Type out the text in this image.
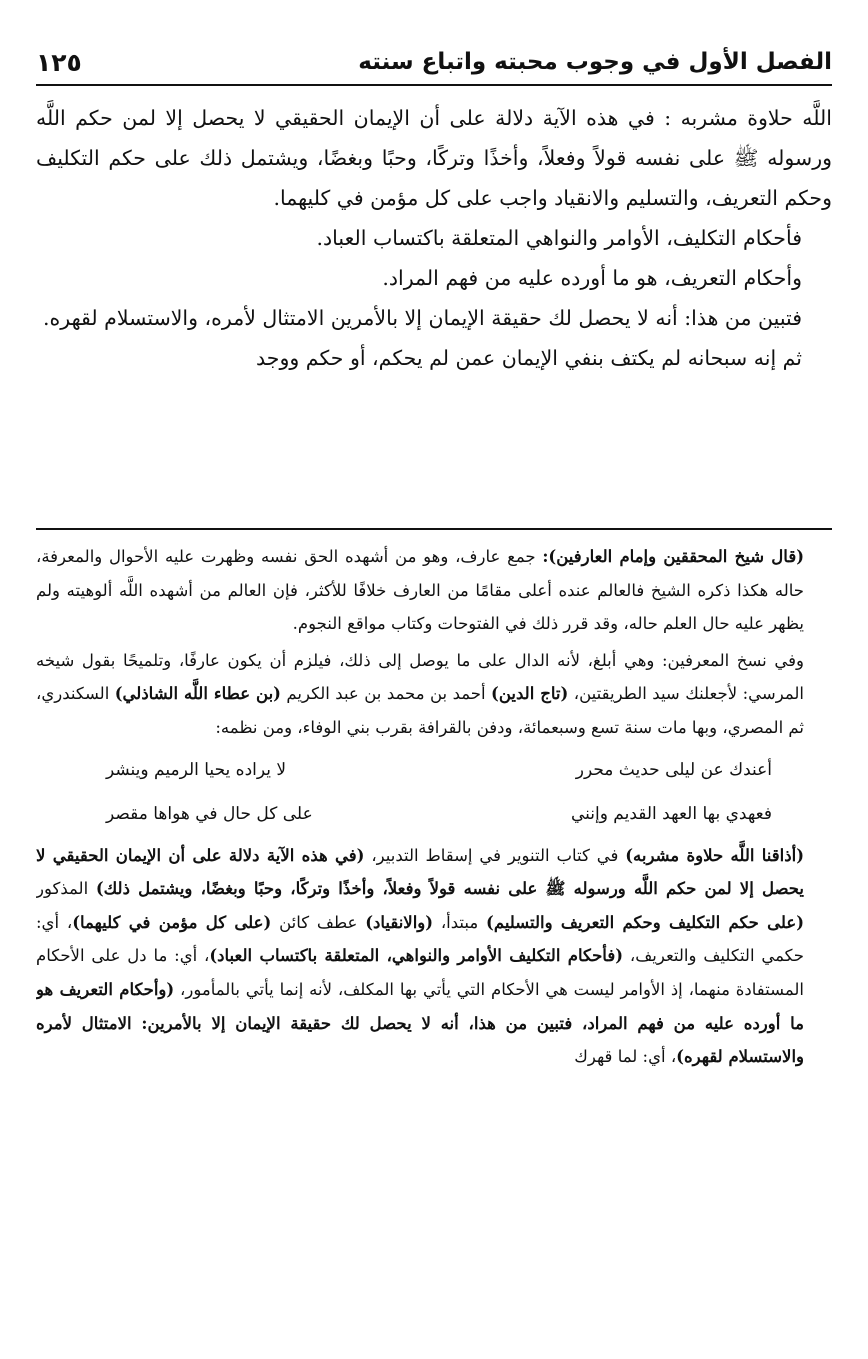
الفصل الأول في وجوب محبته واتباع سنته
١٢٥

اللَّه حلاوة مشربه : في هذه الآية دلالة على أن الإيمان الحقيقي لا يحصل إلا لمن حكم اللَّه ورسوله ﷺ على نفسه قولاً وفعلاً، وأخذًا وتركًا، وحبًا وبغضًا، ويشتمل ذلك على حكم التكليف وحكم التعريف، والتسليم والانقياد واجب على كل مؤمن في كليهما.

فأحكام التكليف، الأوامر والنواهي المتعلقة باكتساب العباد.

وأحكام التعريف، هو ما أورده عليه من فهم المراد.

فتبين من هذا: أنه لا يحصل لك حقيقة الإيمان إلا بالأمرين الامتثال لأمره، والاستسلام لقهره.

ثم إنه سبحانه لم يكتف بنفي الإيمان عمن لم يحكم، أو حكم ووجد

(قال شيخ المحققين وإمام العارفين): جمع عارف، وهو من أشهده الحق نفسه وظهرت عليه الأحوال والمعرفة، حاله هكذا ذكره الشيخ فالعالم عنده أعلى مقامًا من العارف خلافًا للأكثر، فإن العالم من أشهده اللَّه ألوهيته ولم يظهر عليه حال العلم حاله، وقد قرر ذلك في الفتوحات وكتاب مواقع النجوم.

وفي نسخ المعرفين: وهي أبلغ، لأنه الدال على ما يوصل إلى ذلك، فيلزم أن يكون عارفًا، وتلميحًا بقول شيخه المرسي: لأجعلنك سيد الطريقتين، (تاج الدين) أحمد بن محمد بن عبد الكريم (بن عطاء اللَّه الشاذلي) السكندري، ثم المصري، وبها مات سنة تسع وسبعمائة، ودفن بالقرافة بقرب بني الوفاء، ومن نظمه:

أعندك عن ليلى حديث محرر
لا يراده يحيا الرميم وينشر
فعهدي بها العهد القديم وإنني
على كل حال في هواها مقصر

(أذاقنا اللَّه حلاوة مشربه) في كتاب التنوير في إسقاط التدبير، (في هذه الآية دلالة على أن الإيمان الحقيقي لا يحصل إلا لمن حكم اللَّه ورسوله ﷺ على نفسه قولاً وفعلاً، وأخذًا وتركًا، وحبًا وبغضًا، ويشتمل ذلك) المذكور (على حكم التكليف وحكم التعريف والتسليم) مبتدأ، (والانقياد) عطف كائن (على كل مؤمن في كليهما)، أي: حكمي التكليف والتعريف، (فأحكام التكليف الأوامر والنواهي، المتعلقة باكتساب العباد)، أي: ما دل على الأحكام المستفادة منهما، إذ الأوامر ليست هي الأحكام التي يأتي بها المكلف، لأنه إنما يأتي بالمأمور، (وأحكام التعريف هو ما أورده عليه من فهم المراد، فتبين من هذا، أنه لا يحصل لك حقيقة الإيمان إلا بالأمرين: الامتثال لأمره والاستسلام لقهره)، أي: لما قهرك
